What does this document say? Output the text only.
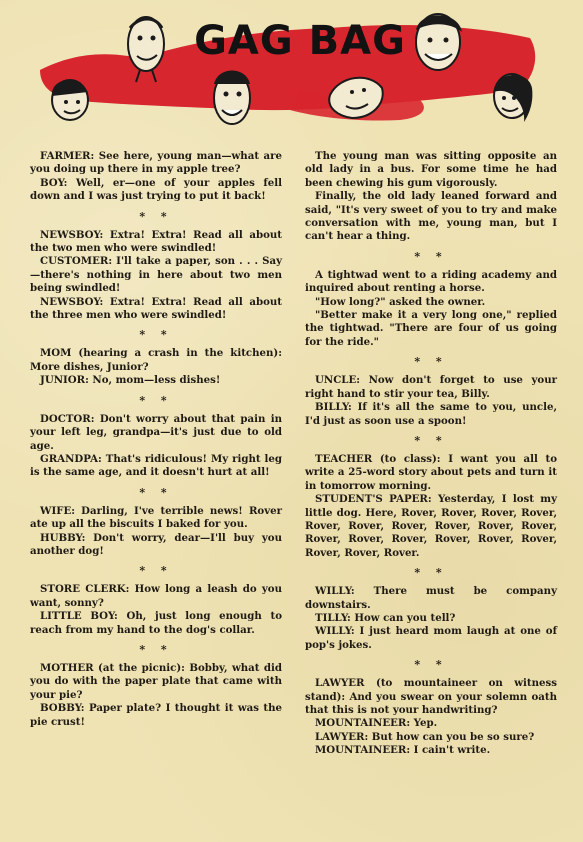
GAG BAG

FARMER: See here, young man—what are you doing up there in my apple tree?

BOY: Well, er—one of your apples fell down and I was just trying to put it back!

* *

NEWSBOY: Extra! Extra! Read all about the two men who were swindled!

CUSTOMER: I'll take a paper, son . . . Say—there's nothing in here about two men being swindled!

NEWSBOY: Extra! Extra! Read all about the three men who were swindled!

* *

MOM (hearing a crash in the kitchen): More dishes, Junior?

JUNIOR: No, mom—less dishes!

* *

DOCTOR: Don't worry about that pain in your left leg, grandpa—it's just due to old age.

GRANDPA: That's ridiculous! My right leg is the same age, and it doesn't hurt at all!

* *

WIFE: Darling, I've terrible news! Rover ate up all the biscuits I baked for you.

HUBBY: Don't worry, dear—I'll buy you another dog!

* *

STORE CLERK: How long a leash do you want, sonny?

LITTLE BOY: Oh, just long enough to reach from my hand to the dog's collar.

* *

MOTHER (at the picnic): Bobby, what did you do with the paper plate that came with your pie?

BOBBY: Paper plate? I thought it was the pie crust!

The young man was sitting opposite an old lady in a bus. For some time he had been chewing his gum vigorously.

Finally, the old lady leaned forward and said, "It's very sweet of you to try and make conversation with me, young man, but I can't hear a thing.

* *

A tightwad went to a riding academy and inquired about renting a horse.

"How long?" asked the owner.

"Better make it a very long one," replied the tightwad. "There are four of us going for the ride."

* *

UNCLE: Now don't forget to use your right hand to stir your tea, Billy.

BILLY: If it's all the same to you, uncle, I'd just as soon use a spoon!

* *

TEACHER (to class): I want you all to write a 25-word story about pets and turn it in tomorrow morning.

STUDENT'S PAPER: Yesterday, I lost my little dog. Here, Rover, Rover, Rover, Rover, Rover, Rover, Rover, Rover, Rover, Rover, Rover, Rover, Rover, Rover, Rover, Rover, Rover, Rover, Rover.

* *

WILLY: There must be company downstairs.

TILLY: How can you tell?

WILLY: I just heard mom laugh at one of pop's jokes.

* *

LAWYER (to mountaineer on witness stand): And you swear on your solemn oath that this is not your handwriting?

MOUNTAINEER: Yep.

LAWYER: But how can you be so sure?

MOUNTAINEER: I cain't write.
